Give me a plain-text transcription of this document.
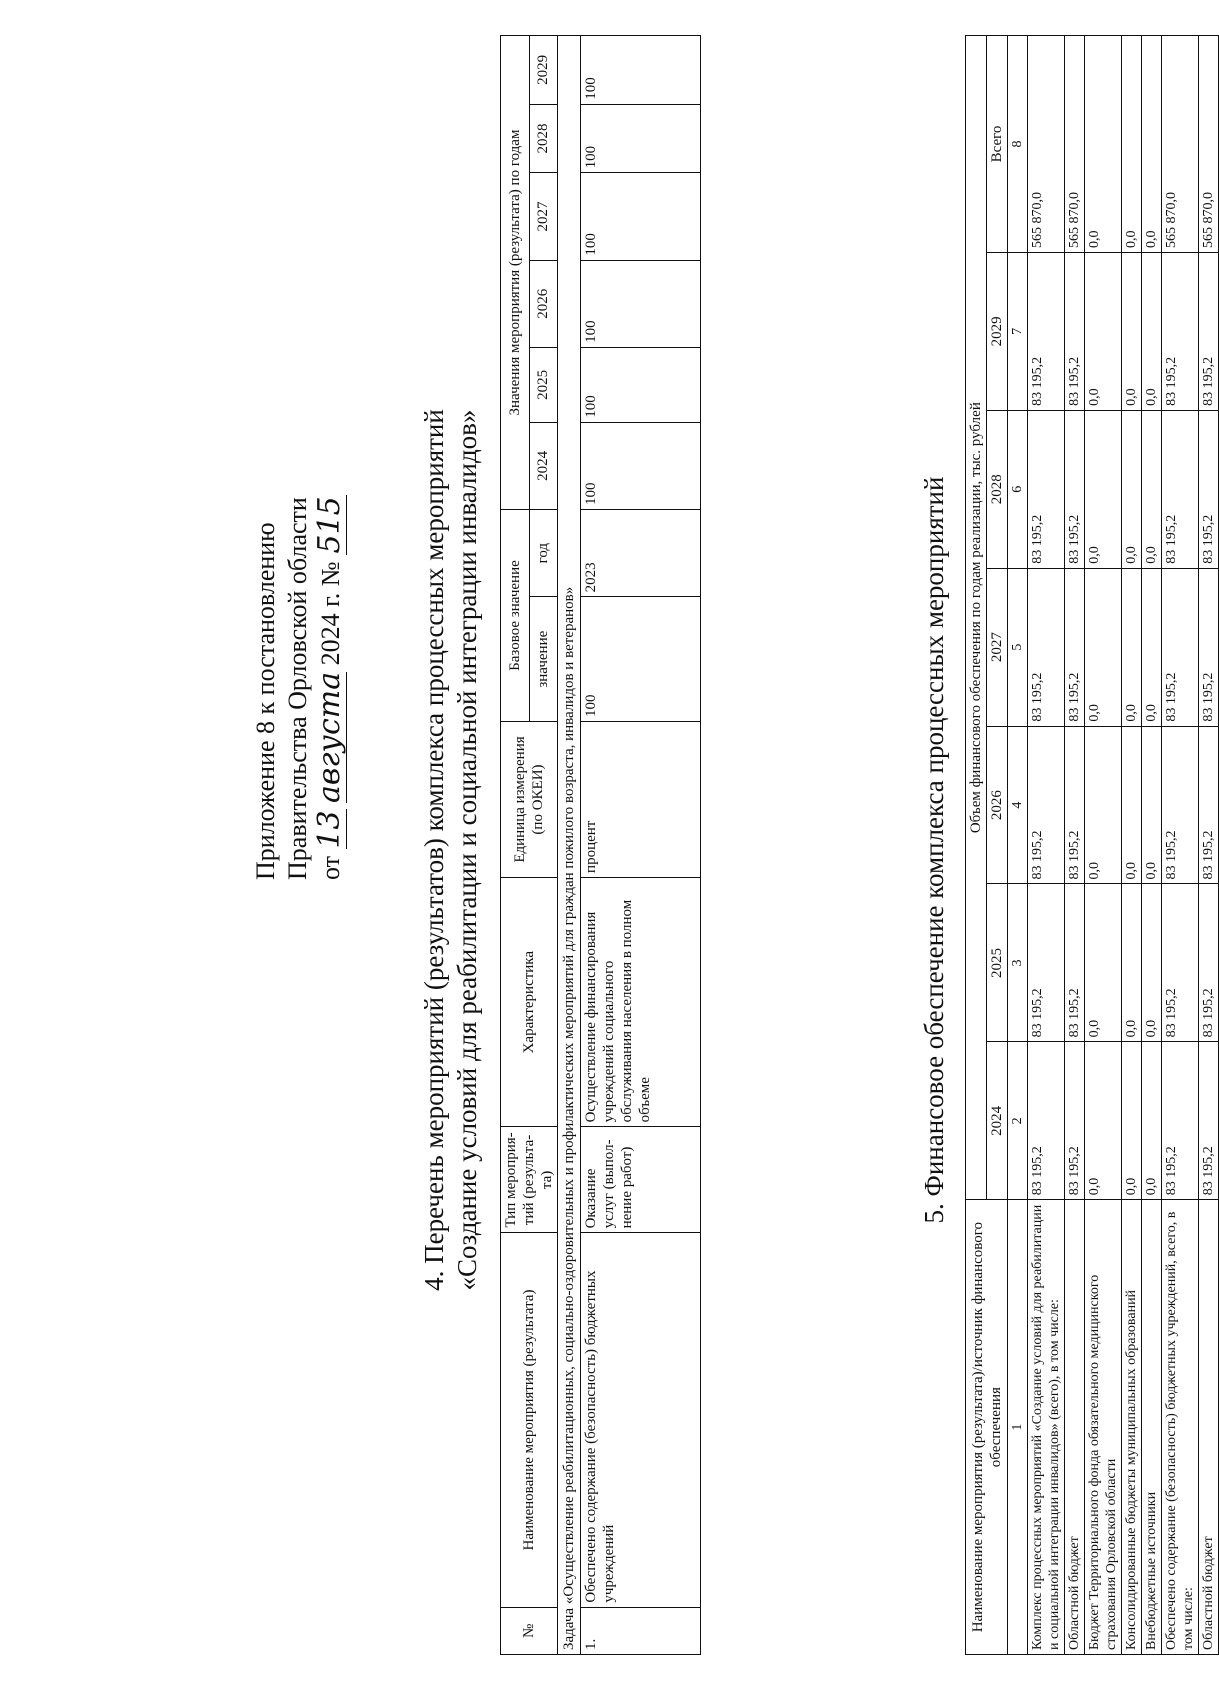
Приложение 8 к постановлению Правительства Орловской области от 13 августа 2024 г. № 515	4. Перечень мероприятий (результатов) комплекса процессных мероприятий «Создание условий для реабилитации и социальной интеграции инвалидов»
№	Наименование мероприятия (результата)	Тип мероприя-тий (результа-та)	Характеристика	Единица измерения (по ОКЕИ)	Базовое значение		Значения мероприятия (результата) по годам					
					значение	год	2024	2025	2026	2027	2028	2029
Задача «Осуществление реабилитационных, социально-оздоровительных и профилактических мероприятий для граждан пожилого возраста, инвалидов и ветеранов»												
1.	Обеспечено содержание (безопасность) бюджетных учреждений	Оказание услуг (выпол-нение работ)	Осуществление финансирования учреждений социального обслуживания населения в полном объеме	процент	100	2023	100	100	100	100	100	100
5. Финансовое обеспечение комплекса процессных мероприятий
Наименование мероприятия (результата)/источник финансового обеспечения	Объем финансового обеспечения по годам реализации, тыс. рублей						
	2024	2025	2026	2027	2028	2029	Всего
1	2	3	4	5	6	7	8
Комплекс процессных мероприятий «Создание условий для реабилитации и социальной интеграции инвалидов» (всего), в том числе:	83 195,2	83 195,2	83 195,2	83 195,2	83 195,2	83 195,2	565 870,0
Областной бюджет	83 195,2	83 195,2	83 195,2	83 195,2	83 195,2	83 195,2	565 870,0
Бюджет Территориального фонда обязательного медицинского страхования Орловской области	0,0	0,0	0,0	0,0	0,0	0,0	0,0
Консолидированные бюджеты муниципальных образований	0,0	0,0	0,0	0,0	0,0	0,0	0,0
Внебюджетные источники	0,0	0,0	0,0	0,0	0,0	0,0	0,0
Обеспечено содержание (безопасность) бюджетных учреждений, всего, в том числе:	83 195,2	83 195,2	83 195,2	83 195,2	83 195,2	83 195,2	565 870,0
Областной бюджет	83 195,2	83 195,2	83 195,2	83 195,2	83 195,2	83 195,2	565 870,0
